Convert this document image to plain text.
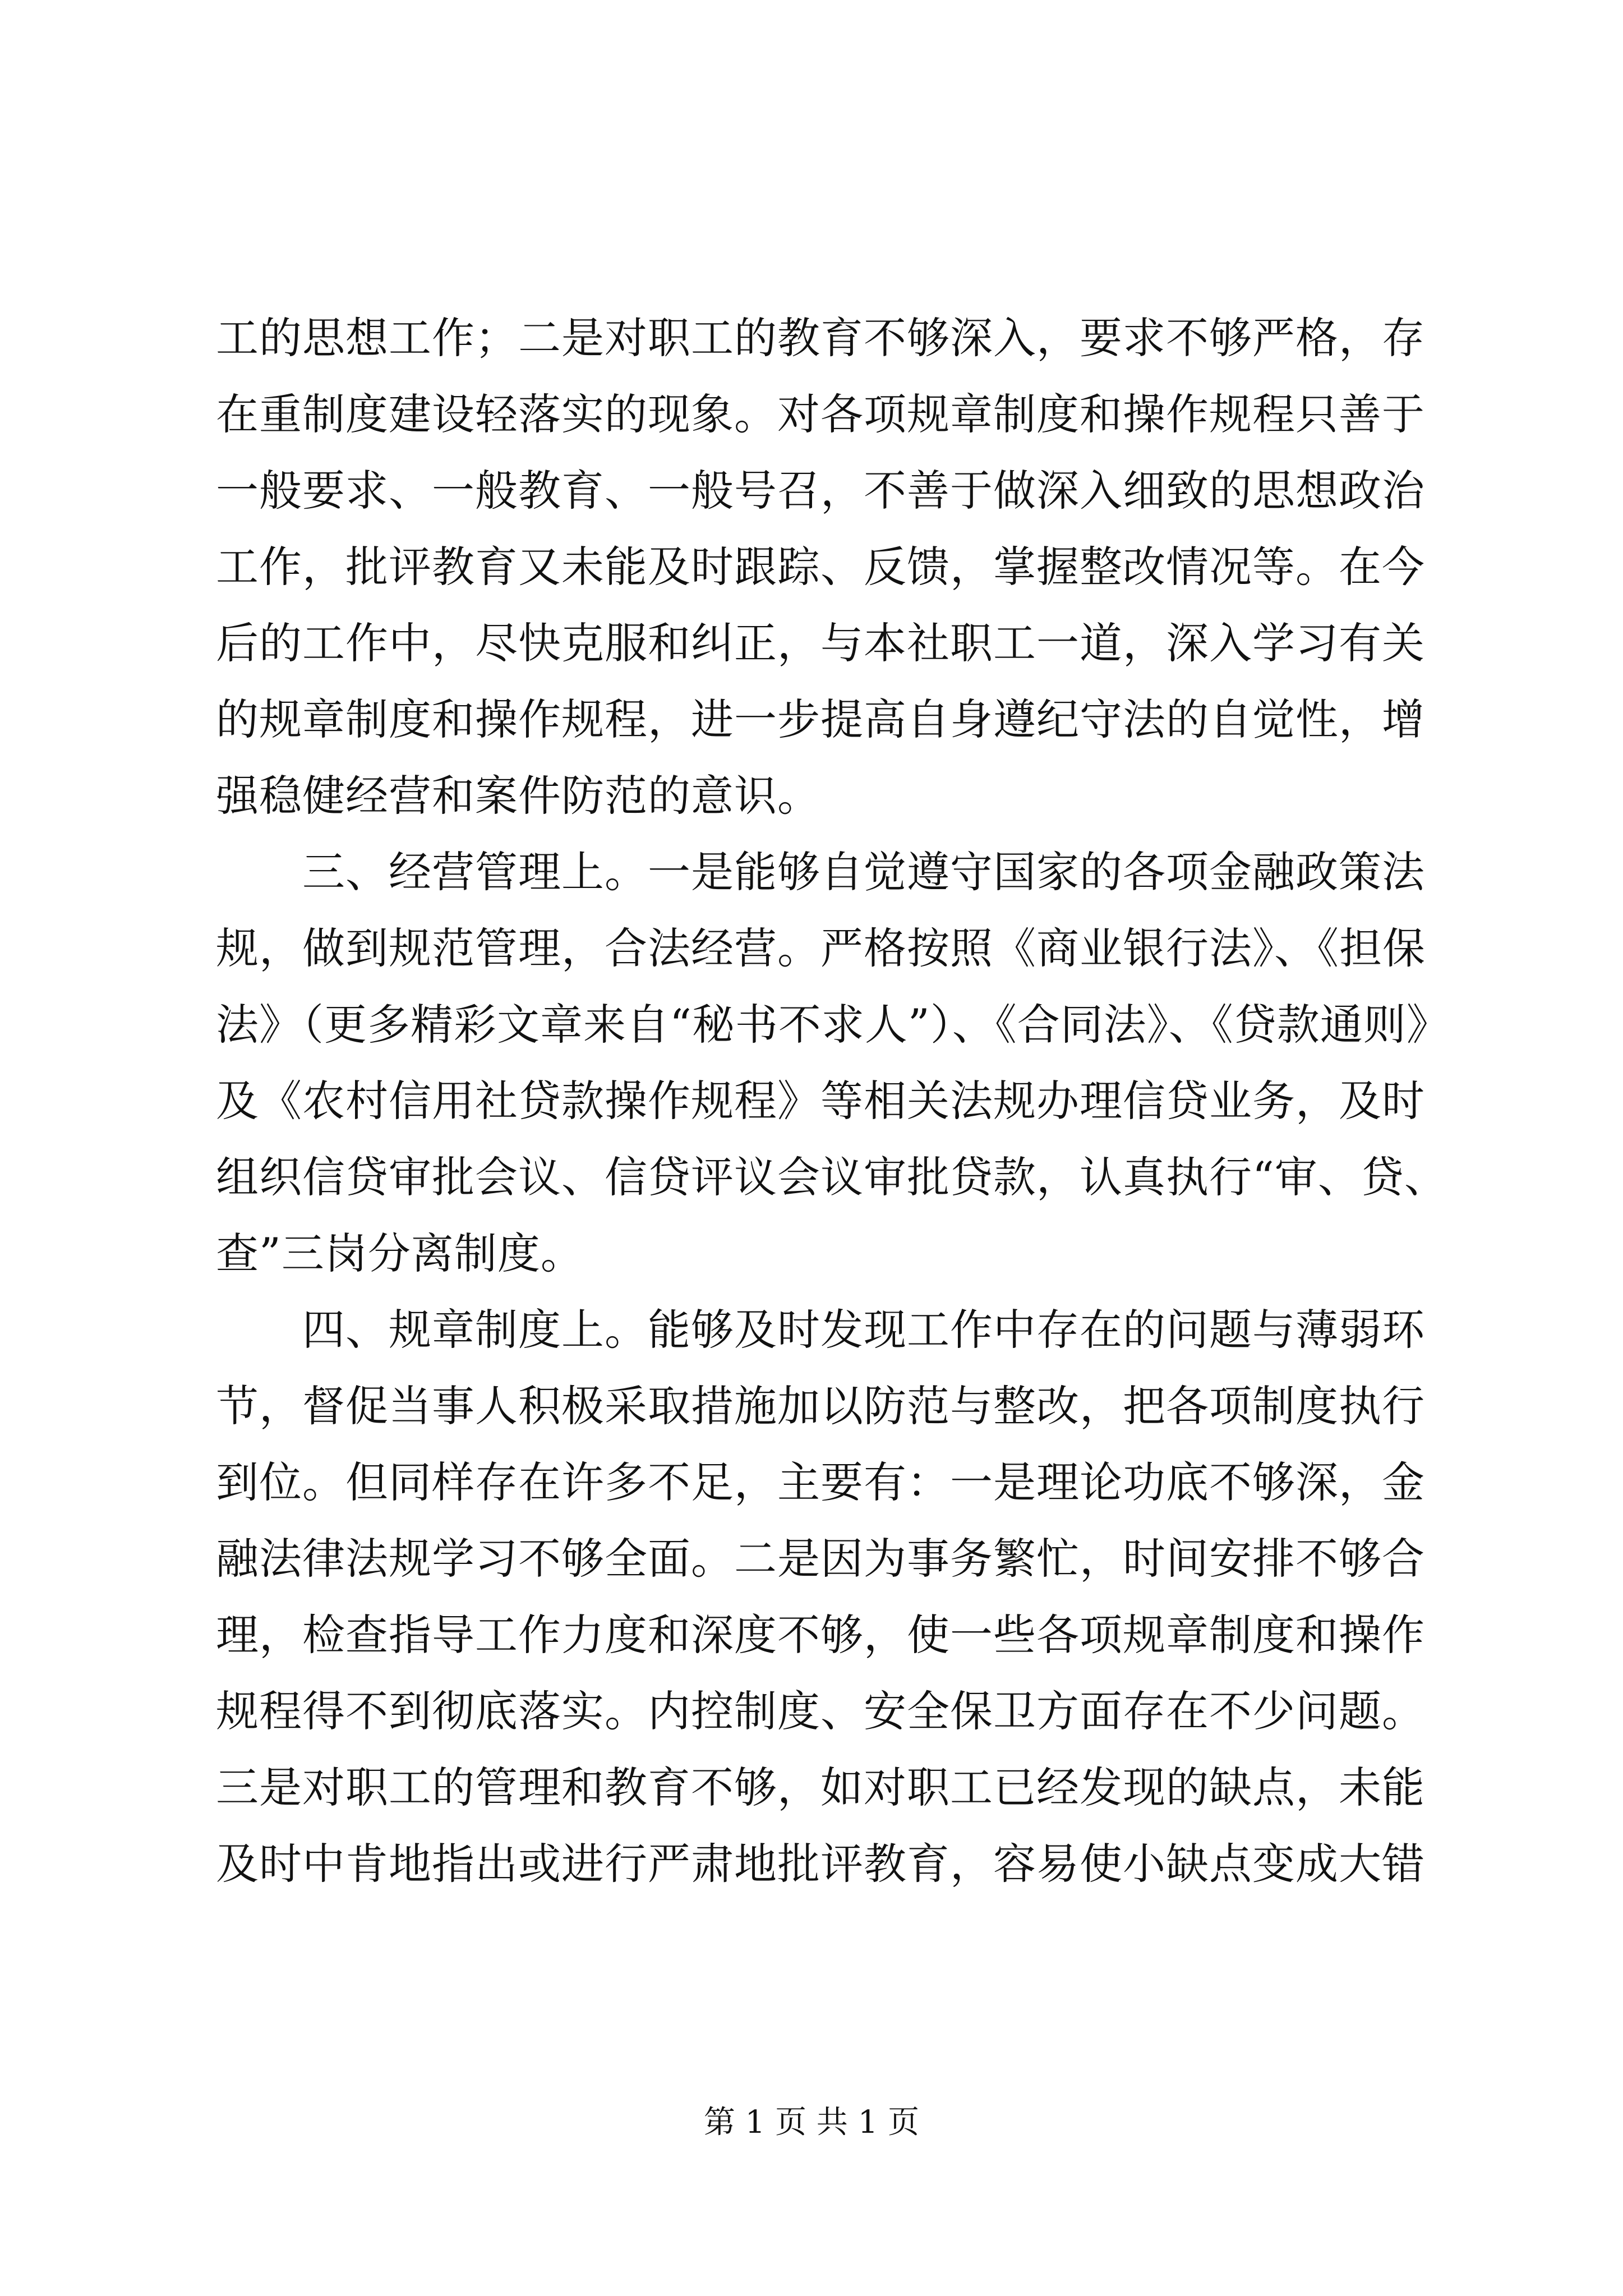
工的思想工作；二是对职工的教育不够深入，要求不够严格，存
在重制度建设轻落实的现象。对各项规章制度和操作规程只善于
一般要求、一般教育、一般号召，不善于做深入细致的思想政治
工作，批评教育又未能及时跟踪、反馈，掌握整改情况等。在今
后的工作中，尽快克服和纠正，与本社职工一道，深入学习有关
的规章制度和操作规程，进一步提高自身遵纪守法的自觉性，增
强稳健经营和案件防范的意识。
　　三、经营管理上。一是能够自觉遵守国家的各项金融政策法
规，做到规范管理，合法经营。严格按照《商业银行法》、《担保
法》（更多精彩文章来自“秘书不求人”）、《合同法》、《贷款通则》
及《农村信用社贷款操作规程》等相关法规办理信贷业务，及时
组织信贷审批会议、信贷评议会议审批贷款，认真执行“审、贷、
查”三岗分离制度。
　　四、规章制度上。能够及时发现工作中存在的问题与薄弱环
节，督促当事人积极采取措施加以防范与整改，把各项制度执行
到位。但同样存在许多不足，主要有：一是理论功底不够深，金
融法律法规学习不够全面。二是因为事务繁忙，时间安排不够合
理，检查指导工作力度和深度不够，使一些各项规章制度和操作
规程得不到彻底落实。内控制度、安全保卫方面存在不少问题。
三是对职工的管理和教育不够，如对职工已经发现的缺点，未能
及时中肯地指出或进行严肃地批评教育，容易使小缺点变成大错
第 1 页 共 1 页
